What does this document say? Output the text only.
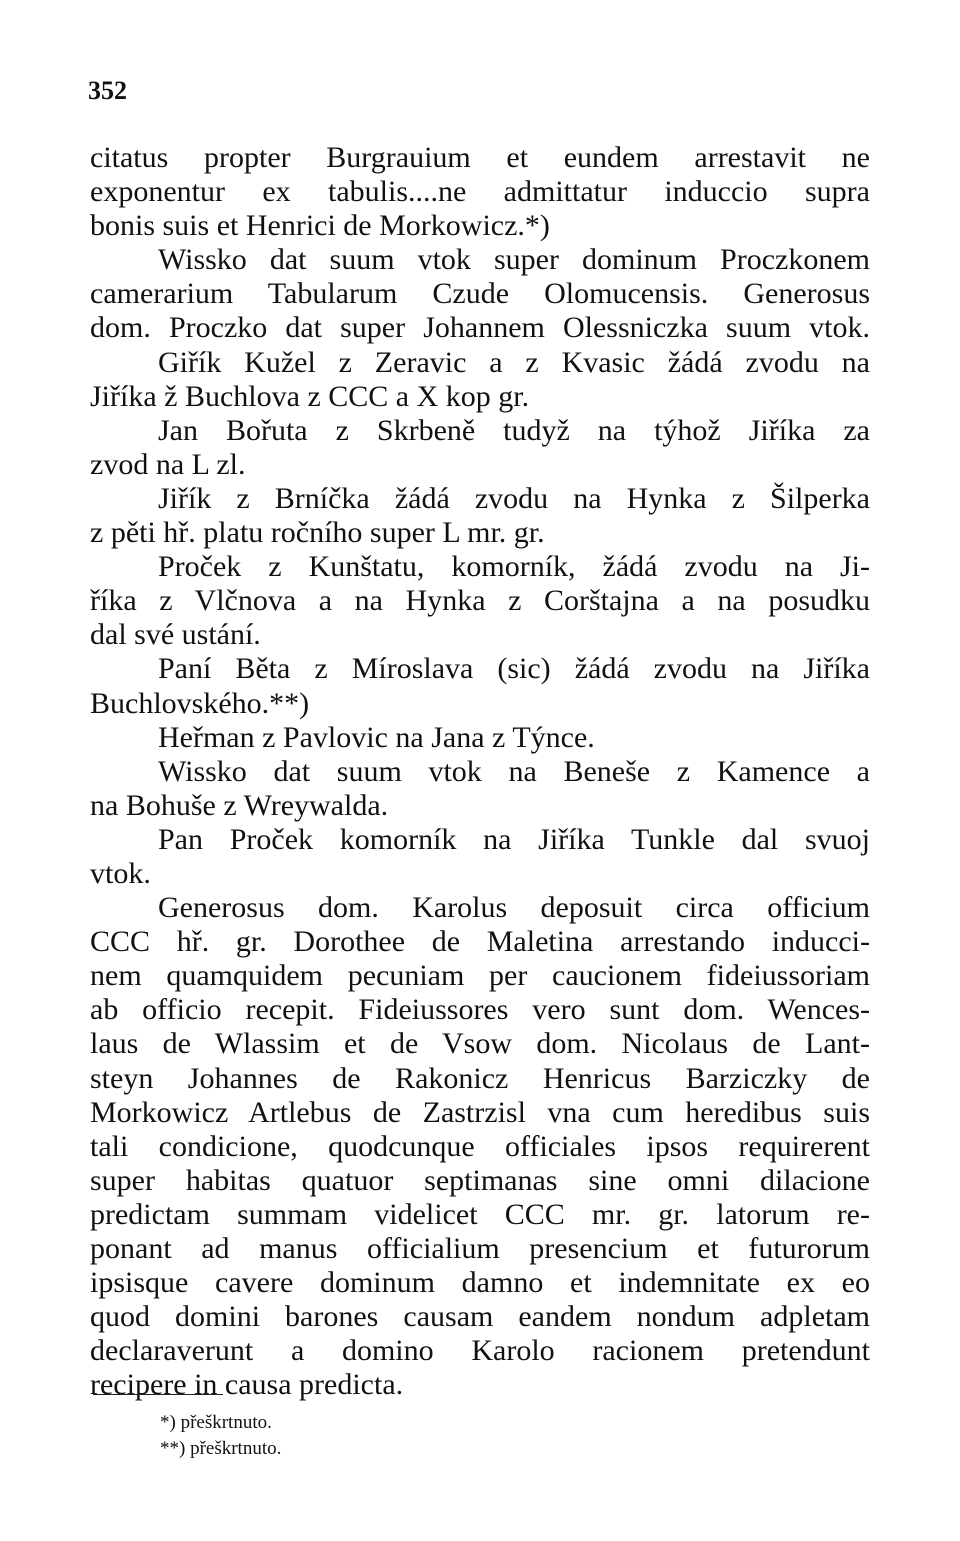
352
citatus propter Burgrauium et eundem arrestavit ne
exponentur ex tabulis....ne admittatur induccio supra
bonis suis et Henrici de Morkowicz.*)
Wissko dat suum vtok super dominum Proczkonem
camerarium Tabularum Czude Olomucensis. Generosus
dom. Proczko dat super Johannem Olessniczka suum vtok.
Giřík Kužel z Zeravic a z Kvasic žádá zvodu na
Jiříka ž Buchlova z CCC a X kop gr.
Jan Bořuta z Skrbeně tudyž na týhož Jiříka za
zvod na L zl.
Jiřík z Brníčka žádá zvodu na Hynka z Šilperka
z pěti hř. platu ročního super L mr. gr.
Proček z Kunštatu, komorník, žádá zvodu na Ji-
říka z Vlčnova a na Hynka z Corštajna a na posudku
dal své ustání.
Paní Běta z Míroslava (sic) žádá zvodu na Jiříka
Buchlovského.**)
Heřman z Pavlovic na Jana z Týnce.
Wissko dat suum vtok na Beneše z Kamence a
na Bohuše z Wreywalda.
Pan Proček komorník na Jiříka Tunkle dal svuoj
vtok.
Generosus dom. Karolus deposuit circa officium
CCC hř. gr. Dorothee de Maletina arrestando inducci-
nem quamquidem pecuniam per caucionem fideiussoriam
ab officio recepit. Fideiussores vero sunt dom. Wences-
laus de Wlassim et de Vsow dom. Nicolaus de Lant-
steyn Johannes de Rakonicz Henricus Barziczky de
Morkowicz Artlebus de Zastrzisl vna cum heredibus suis
tali condicione, quodcunque officiales ipsos requirerent
super habitas quatuor septimanas sine omni dilacione
predictam summam videlicet CCC mr. gr. latorum re-
ponant ad manus officialium presencium et futurorum
ipsisque cavere dominum damno et indemnitate ex eo
quod domini barones causam eandem nondum adpletam
declaraverunt a domino Karolo racionem pretendunt
recipere in causa predicta.
*) přeškrtnuto.
**) přeškrtnuto.
